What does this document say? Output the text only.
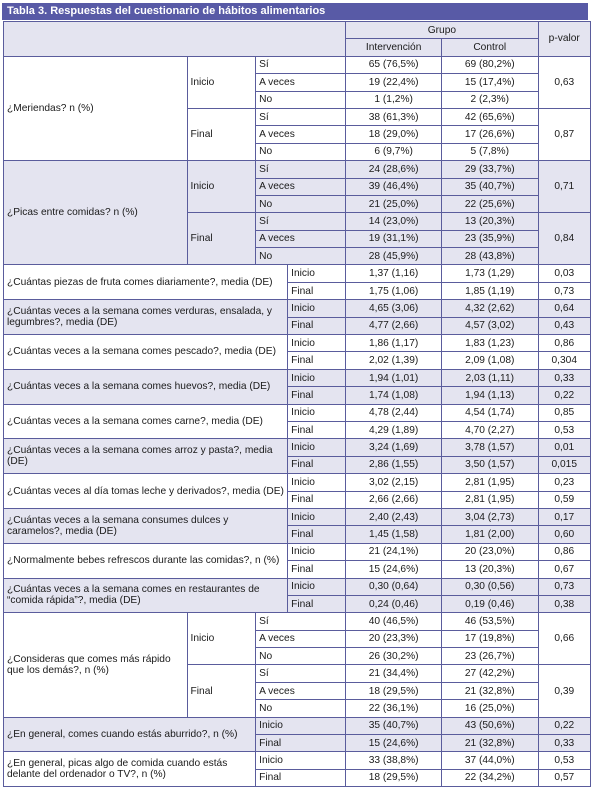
Tabla 3. Respuestas del cuestionario de hábitos alimentarios
				Grupo		p-valor
				Intervención	Control	
¿Meriendas? n (%)	Inicio	Sí		65 (76,5%)	69 (80,2%)	0,63
		A veces		19 (22,4%)	15 (17,4%)	
		No		1 (1,2%)	2 (2,3%)	
	Final	Sí		38 (61,3%)	42 (65,6%)	0,87
		A veces		18 (29,0%)	17 (26,6%)	
		No		6 (9,7%)	5 (7,8%)	
¿Picas entre comidas? n (%)	Inicio	Sí		24 (28,6%)	29 (33,7%)	0,71
		A veces		39 (46,4%)	35 (40,7%)	
		No		21 (25,0%)	22 (25,6%)	
	Final	Sí		14 (23,0%)	13 (20,3%)	0,84
		A veces		19 (31,1%)	23 (35,9%)	
		No		28 (45,9%)	28 (43,8%)	
¿Cuántas piezas de fruta comes diariamente?, media (DE)			Inicio	1,37 (1,16)	1,73 (1,29)	0,03
			Final	1,75 (1,06)	1,85 (1,19)	0,73
¿Cuántas veces a la semana comes verduras, ensalada, y legumbres?, media (DE)			Inicio	4,65 (3,06)	4,32 (2,62)	0,64
			Final	4,77 (2,66)	4,57 (3,02)	0,43
¿Cuántas veces a la semana comes pescado?, media (DE)			Inicio	1,86 (1,17)	1,83 (1,23)	0,86
			Final	2,02 (1,39)	2,09 (1,08)	0,304
¿Cuántas veces a la semana comes huevos?, media (DE)			Inicio	1,94 (1,01)	2,03 (1,11)	0,33
			Final	1,74 (1,08)	1,94 (1,13)	0,22
¿Cuántas veces a la semana comes carne?, media (DE)			Inicio	4,78 (2,44)	4,54 (1,74)	0,85
			Final	4,29 (1,89)	4,70 (2,27)	0,53
¿Cuántas veces a la semana comes arroz y pasta?, media (DE)			Inicio	3,24 (1,69)	3,78 (1,57)	0,01
			Final	2,86 (1,55)	3,50 (1,57)	0,015
¿Cuántas veces al día tomas leche y derivados?, media (DE)			Inicio	3,02 (2,15)	2,81 (1,95)	0,23
			Final	2,66 (2,66)	2,81 (1,95)	0,59
¿Cuántas veces a la semana consumes dulces y caramelos?, media (DE)			Inicio	2,40 (2,43)	3,04 (2,73)	0,17
			Final	1,45 (1,58)	1,81 (2,00)	0,60
¿Normalmente bebes refrescos durante las comidas?, n (%)			Inicio	21 (24,1%)	20 (23,0%)	0,86
			Final	15 (24,6%)	13 (20,3%)	0,67
¿Cuántas veces a la semana comes en restaurantes de “comida rápida”?, media (DE)			Inicio	0,30 (0,64)	0,30 (0,56)	0,73
			Final	0,24 (0,46)	0,19 (0,46)	0,38
¿Consideras que comes más rápido que los demás?, n (%)	Inicio	Sí		40 (46,5%)	46 (53,5%)	0,66
		A veces		20 (23,3%)	17 (19,8%)	
		No		26 (30,2%)	23 (26,7%)	
	Final	Sí		21 (34,4%)	27 (42,2%)	0,39
		A veces		18 (29,5%)	21 (32,8%)	
		No		22 (36,1%)	16 (25,0%)	
¿En general, comes cuando estás aburrido?, n (%)		Inicio		35 (40,7%)	43 (50,6%)	0,22
		Final		15 (24,6%)	21 (32,8%)	0,33
¿En general, picas algo de comida cuando estás delante del ordenador o TV?, n (%)		Inicio		33 (38,8%)	37 (44,0%)	0,53
		Final		18 (29,5%)	22 (34,2%)	0,57
